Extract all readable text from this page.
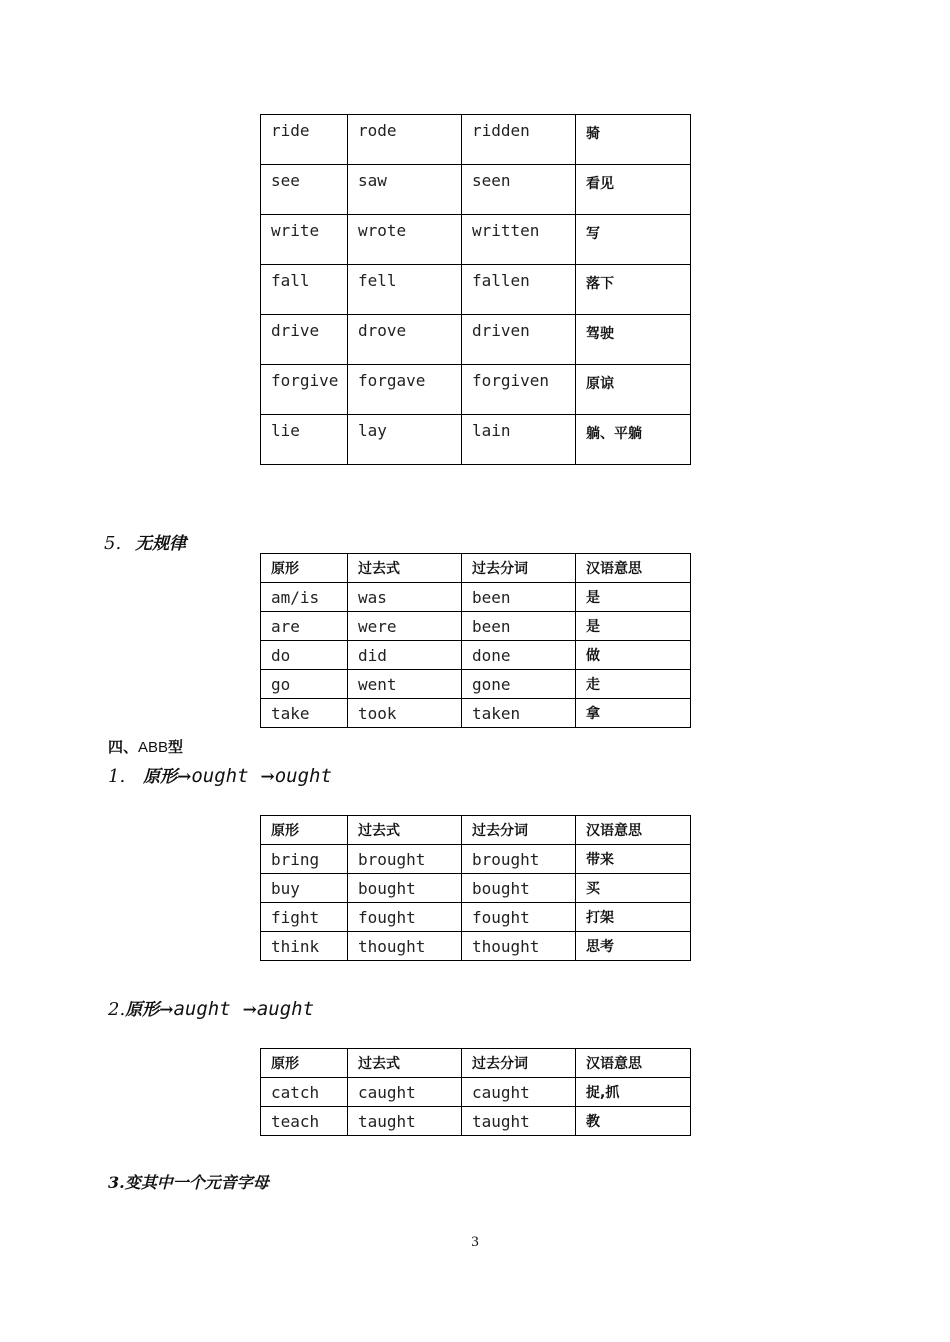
ride	rode	ridden	骑
see	saw	seen	看见
write	wrote	written	写
fall	fell	fallen	落下
drive	drove	driven	驾驶
forgive	forgave	forgiven	原谅
lie	lay	lain	躺、平躺
5. 无规律
原形	过去式	过去分词	汉语意思
am/is	was	been	是
are	were	been	是
do	did	done	做
go	went	gone	走
take	took	taken	拿
四、ABB型
1. 原形→ought →ought
原形	过去式	过去分词	汉语意思
bring	brought	brought	带来
buy	bought	bought	买
fight	fought	fought	打架
think	thought	thought	思考
2.原形→aught →aught
原形	过去式	过去分词	汉语意思
catch	caught	caught	捉,抓
teach	taught	taught	教
3.变其中一个元音字母
3
